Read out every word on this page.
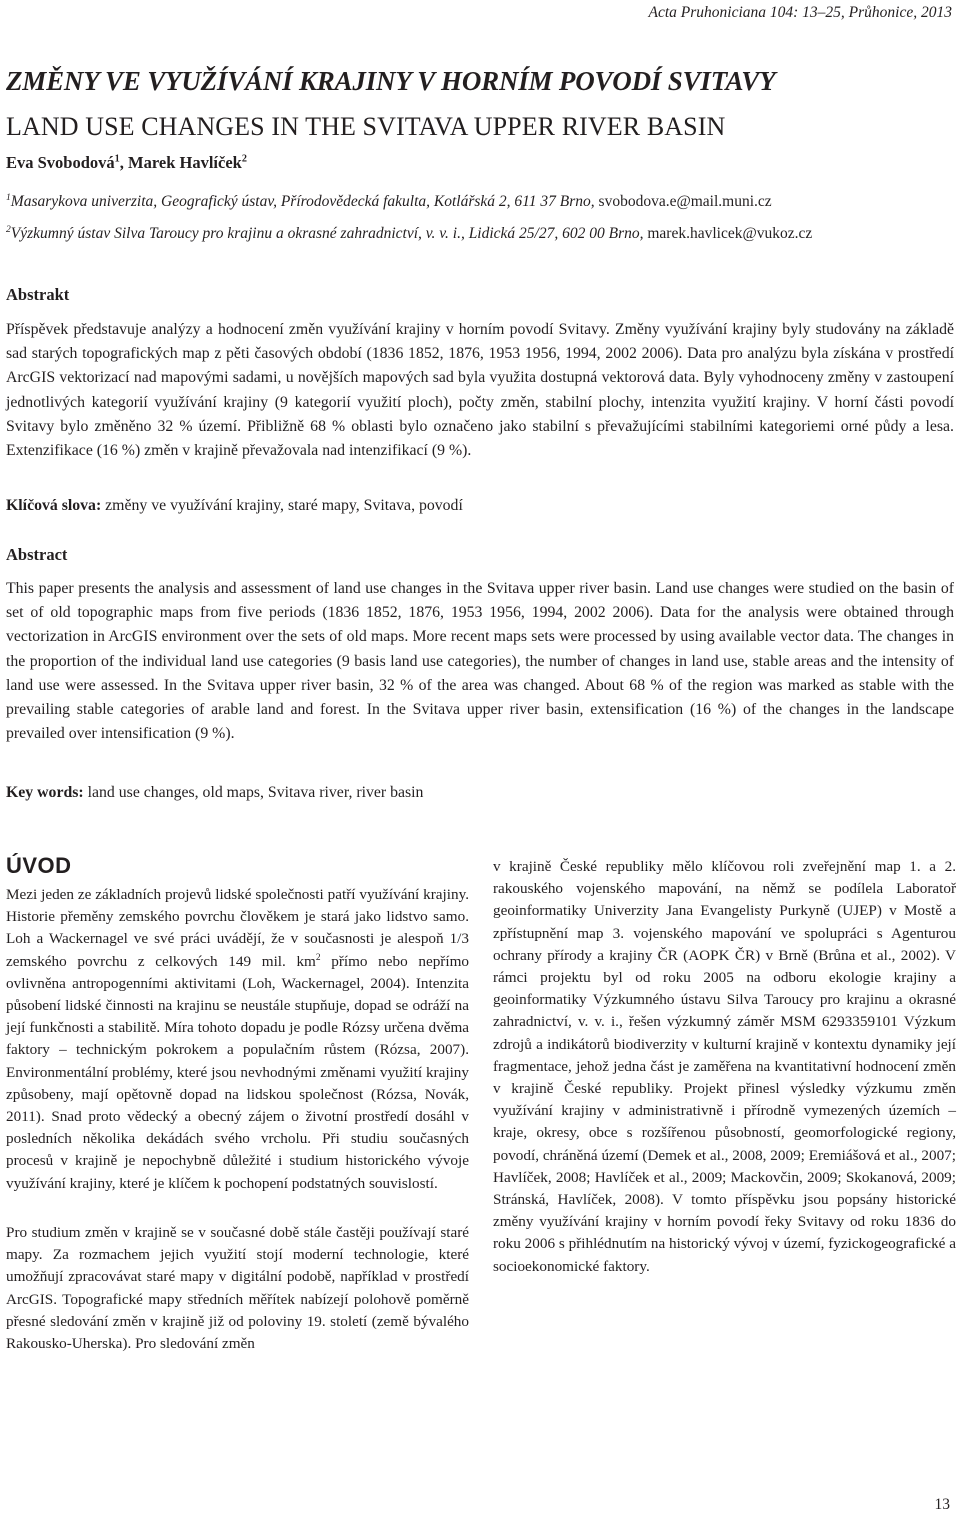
Acta Pruhoniciana 104: 13–25, Průhonice, 2013
ZMĚNY VE VYUŽÍVÁNÍ KRAJINY V HORNÍM POVODÍ SVITAVY
LAND USE CHANGES IN THE SVITAVA UPPER RIVER BASIN
Eva Svobodová$^1$, Marek Havlíček$^2$
$^1$Masarykova univerzita, Geografický ústav, Přírodovědecká fakulta, Kotlářská 2, 611 37 Brno, svobodova.e@mail.muni.cz
$^2$Výzkumný ústav Silva Taroucy pro krajinu a okrasné zahradnictví, v. v. i., Lidická 25/27, 602 00 Brno, marek.havlicek@vukoz.cz
Abstrakt

Příspěvek představuje analýzy a hodnocení změn využívání krajiny v horním povodí Svitavy. Změny využívání krajiny byly studovány na základě sad starých topografických map z pěti časových období (1836 1852, 1876, 1953 1956, 1994, 2002 2006). Data pro analýzu byla získána v prostředí ArcGIS vektorizací nad mapovými sadami, u novějších mapových sad byla využita dostupná vektorová data. Byly vyhodnoceny změny v zastoupení jednotlivých kategorií využívání krajiny (9 kategorií využití ploch), počty změn, stabilní plochy, intenzita využití krajiny. V horní části povodí Svitavy bylo změněno 32 % území. Přibližně 68 % oblasti bylo označeno jako stabilní s převažujícími stabilními kategoriemi orné půdy a lesa. Extenzifikace (16 %) změn v krajině převažovala nad intenzifikací (9 %).

Klíčová slova: změny ve využívání krajiny, staré mapy, Svitava, povodí
Abstract

This paper presents the analysis and assessment of land use changes in the Svitava upper river basin. Land use changes were studied on the basin of set of old topographic maps from five periods (1836 1852, 1876, 1953 1956, 1994, 2002 2006). Data for the analysis were obtained through vectorization in ArcGIS environment over the sets of old maps. More recent maps sets were processed by using available vector data. The changes in the proportion of the individual land use categories (9 basis land use categories), the number of changes in land use, stable areas and the intensity of land use were assessed. In the Svitava upper river basin, 32 % of the area was changed. About 68 % of the region was marked as stable with the prevailing stable categories of arable land and forest. In the Svitava upper river basin, extensification (16 %) of the changes in the landscape prevailed over intensification (9 %).

Key words: land use changes, old maps, Svitava river, river basin
ÚVOD

Mezi jeden ze základních projevů lidské společnosti patří využívání krajiny. Historie přeměny zemského povrchu člověkem je stará jako lidstvo samo. Loh a Wackernagel ve své práci uvádějí, že v současnosti je alespoň 1/3 zemského povrchu z celkových 149 mil. $km^2$ přímo nebo nepřímo ovlivněna antropogenními aktivitami (Loh, Wackernagel, 2004). Intenzita působení lidské činnosti na krajinu se neustále stupňuje, dopad se odráží na její funkčnosti a stabilitě. Míra tohoto dopadu je podle Rózsy určena dvěma faktory – technickým pokrokem a populačním růstem (Rózsa, 2007). Environmentální problémy, které jsou nevhodnými změnami využití krajiny způsobeny, mají opětovně dopad na lidskou společnost (Rózsa, Novák, 2011). Snad proto vědecký a obecný zájem o životní prostředí dosáhl v posledních několika dekádách svého vrcholu. Při studiu současných procesů v krajině je nepochybně důležité i studium historického vývoje využívání krajiny, které je klíčem k pochopení podstatných souvislostí.

Pro studium změn v krajině se v současné době stále častěji používají staré mapy. Za rozmachem jejich využití stojí moderní technologie, které umožňují zpracovávat staré mapy v digitální podobě, například v prostředí ArcGIS. Topografické mapy středních měřítek nabízejí polohově poměrně přesné sledování změn v krajině již od poloviny 19. století (země bývalého Rakousko-Uherska). Pro sledování změn

v krajině České republiky mělo klíčovou roli zveřejnění map 1. a 2. rakouského vojenského mapování, na němž se podílela Laboratoř geoinformatiky Univerzity Jana Evangelisty Purkyně (UJEP) v Mostě a zpřístupnění map 3. vojenského mapování ve spolupráci s Agenturou ochrany přírody a krajiny ČR (AOPK ČR) v Brně (Brůna et al., 2002). V rámci projektu byl od roku 2005 na odboru ekologie krajiny a geoinformatiky Výzkumného ústavu Silva Taroucy pro krajinu a okrasné zahradnictví, v. v. i., řešen výzkumný záměr MSM 6293359101 Výzkum zdrojů a indikátorů biodiverzity v kulturní krajině v kontextu dynamiky její fragmentace, jehož jedna část je zaměřena na kvantitativní hodnocení změn v krajině České republiky. Projekt přinesl výsledky výzkumu změn využívání krajiny v administrativně i přírodně vymezených územích – kraje, okresy, obce s rozšířenou působností, geomorfologické regiony, povodí, chráněná území (Demek et al., 2008, 2009; Eremiášová et al., 2007; Havlíček, 2008; Havlíček et al., 2009; Mackovčin, 2009; Skokanová, 2009; Stránská, Havlíček, 2008). V tomto příspěvku jsou popsány historické změny využívání krajiny v horním povodí řeky Svitavy od roku 1836 do roku 2006 s přihlédnutím na historický vývoj v území, fyzickogeografické a socioekonomické faktory.

13
